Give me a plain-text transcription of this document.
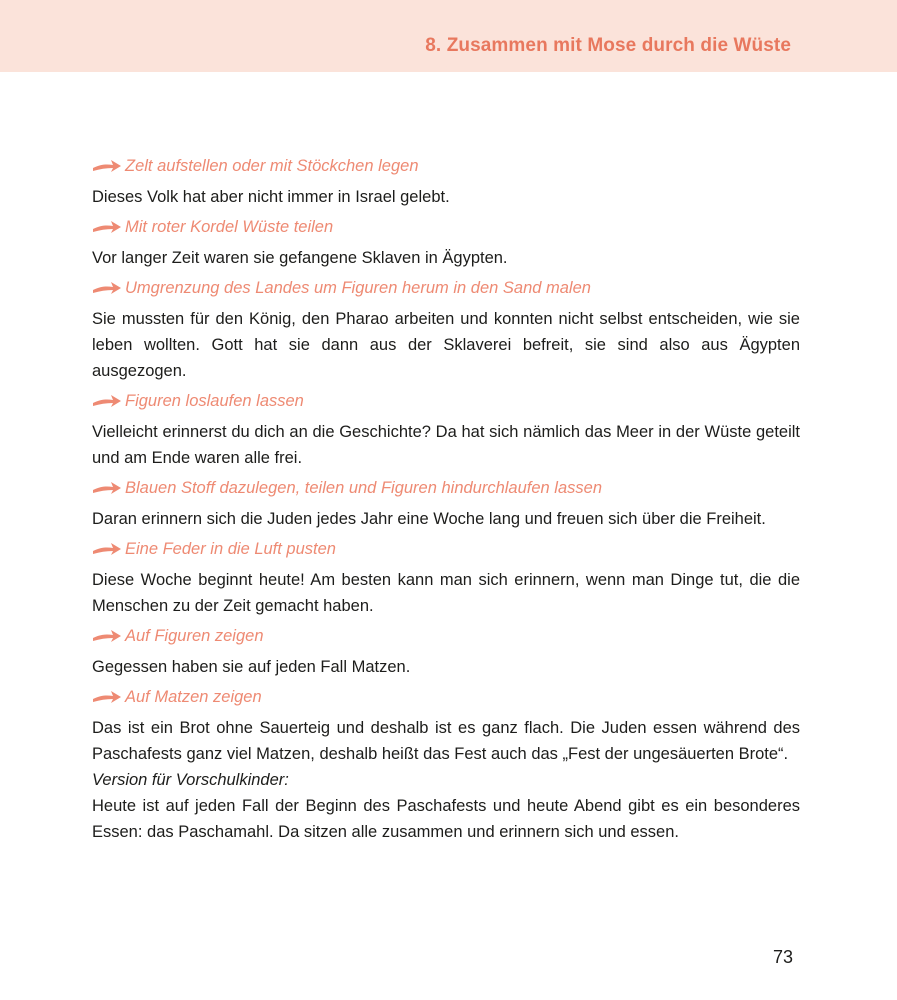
8. Zusammen mit Mose durch die Wüste
Zelt aufstellen oder mit Stöckchen legen

Dieses Volk hat aber nicht immer in Israel gelebt.

Mit roter Kordel Wüste teilen

Vor langer Zeit waren sie gefangene Sklaven in Ägypten.

Umgrenzung des Landes um Figuren herum in den Sand malen

Sie mussten für den König, den Pharao arbeiten und konnten nicht selbst entscheiden, wie sie leben wollten. Gott hat sie dann aus der Sklaverei befreit, sie sind also aus Ägypten ausgezogen.

Figuren loslaufen lassen

Vielleicht erinnerst du dich an die Geschichte? Da hat sich nämlich das Meer in der Wüste geteilt und am Ende waren alle frei.

Blauen Stoff dazulegen, teilen und Figuren hindurchlaufen lassen

Daran erinnern sich die Juden jedes Jahr eine Woche lang und freuen sich über die Freiheit.

Eine Feder in die Luft pusten

Diese Woche beginnt heute! Am besten kann man sich erinnern, wenn man Dinge tut, die die Menschen zu der Zeit gemacht haben.

Auf Figuren zeigen

Gegessen haben sie auf jeden Fall Matzen.

Auf Matzen zeigen

Das ist ein Brot ohne Sauerteig und deshalb ist es ganz flach. Die Juden essen während des Paschafests ganz viel Matzen, deshalb heißt das Fest auch das „Fest der ungesäuerten Brote“.

Version für Vorschulkinder:

Heute ist auf jeden Fall der Beginn des Paschafests und heute Abend gibt es ein besonderes Essen: das Paschamahl. Da sitzen alle zusammen und erinnern sich und essen.

73
